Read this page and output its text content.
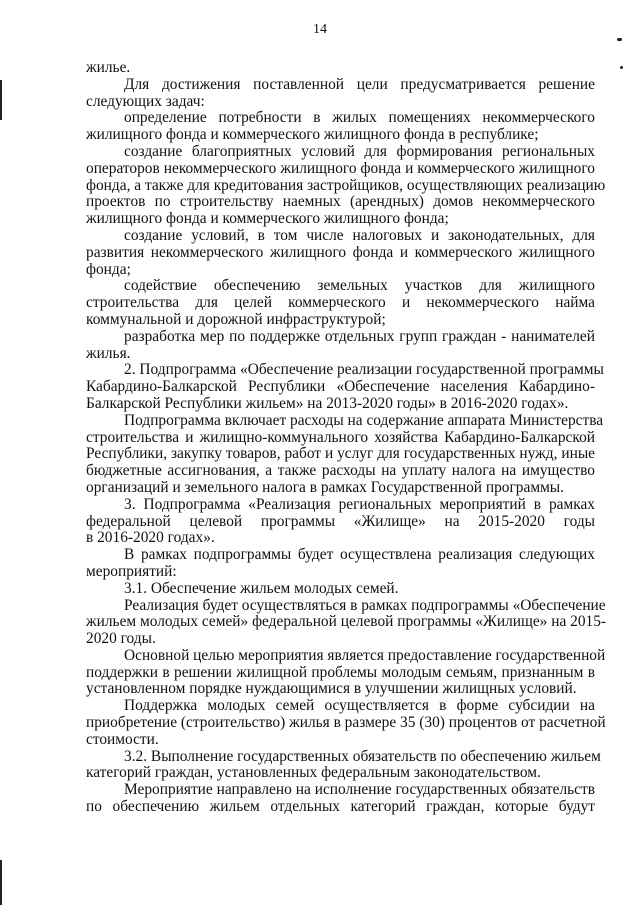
14
жилье.
Для достижения поставленной цели предусматривается решение
следующих задач:
определение потребности в жилых помещениях некоммерческого
жилищного фонда и коммерческого жилищного фонда в республике;
создание благоприятных условий для формирования региональных
операторов некоммерческого жилищного фонда и коммерческого жилищного
фонда, а также для кредитования застройщиков, осуществляющих реализацию
проектов по строительству наемных (арендных) домов некоммерческого
жилищного фонда и коммерческого жилищного фонда;
создание условий, в том числе налоговых и законодательных, для
развития некоммерческого жилищного фонда и коммерческого жилищного
фонда;
содействие обеспечению земельных участков для жилищного
строительства для целей коммерческого и некоммерческого найма
коммунальной и дорожной инфраструктурой;
разработка мер по поддержке отдельных групп граждан - нанимателей
жилья.
2. Подпрограмма «Обеспечение реализации государственной программы
Кабардино-Балкарской Республики «Обеспечение населения Кабардино-
Балкарской Республики жильем» на 2013-2020 годы» в 2016-2020 годах».
Подпрограмма включает расходы на содержание аппарата Министерства
строительства и жилищно-коммунального хозяйства Кабардино-Балкарской
Республики, закупку товаров, работ и услуг для государственных нужд, иные
бюджетные ассигнования, а также расходы на уплату налога на имущество
организаций и земельного налога в рамках Государственной программы.
3. Подпрограмма «Реализация региональных мероприятий в рамках
федеральной целевой программы «Жилище» на 2015-2020 годы
в 2016-2020 годах».
В рамках подпрограммы будет осуществлена реализация следующих
мероприятий:
3.1. Обеспечение жильем молодых семей.
Реализация будет осуществляться в рамках подпрограммы «Обеспечение
жильем молодых семей» федеральной целевой программы «Жилище» на 2015-
2020 годы.
Основной целью мероприятия является предоставление государственной
поддержки в решении жилищной проблемы молодым семьям, признанным в
установленном порядке нуждающимися в улучшении жилищных условий.
Поддержка молодых семей осуществляется в форме субсидии на
приобретение (строительство) жилья в размере 35 (30) процентов от расчетной
стоимости.
3.2. Выполнение государственных обязательств по обеспечению жильем
категорий граждан, установленных федеральным законодательством.
Мероприятие направлено на исполнение государственных обязательств
по обеспечению жильем отдельных категорий граждан, которые будут
